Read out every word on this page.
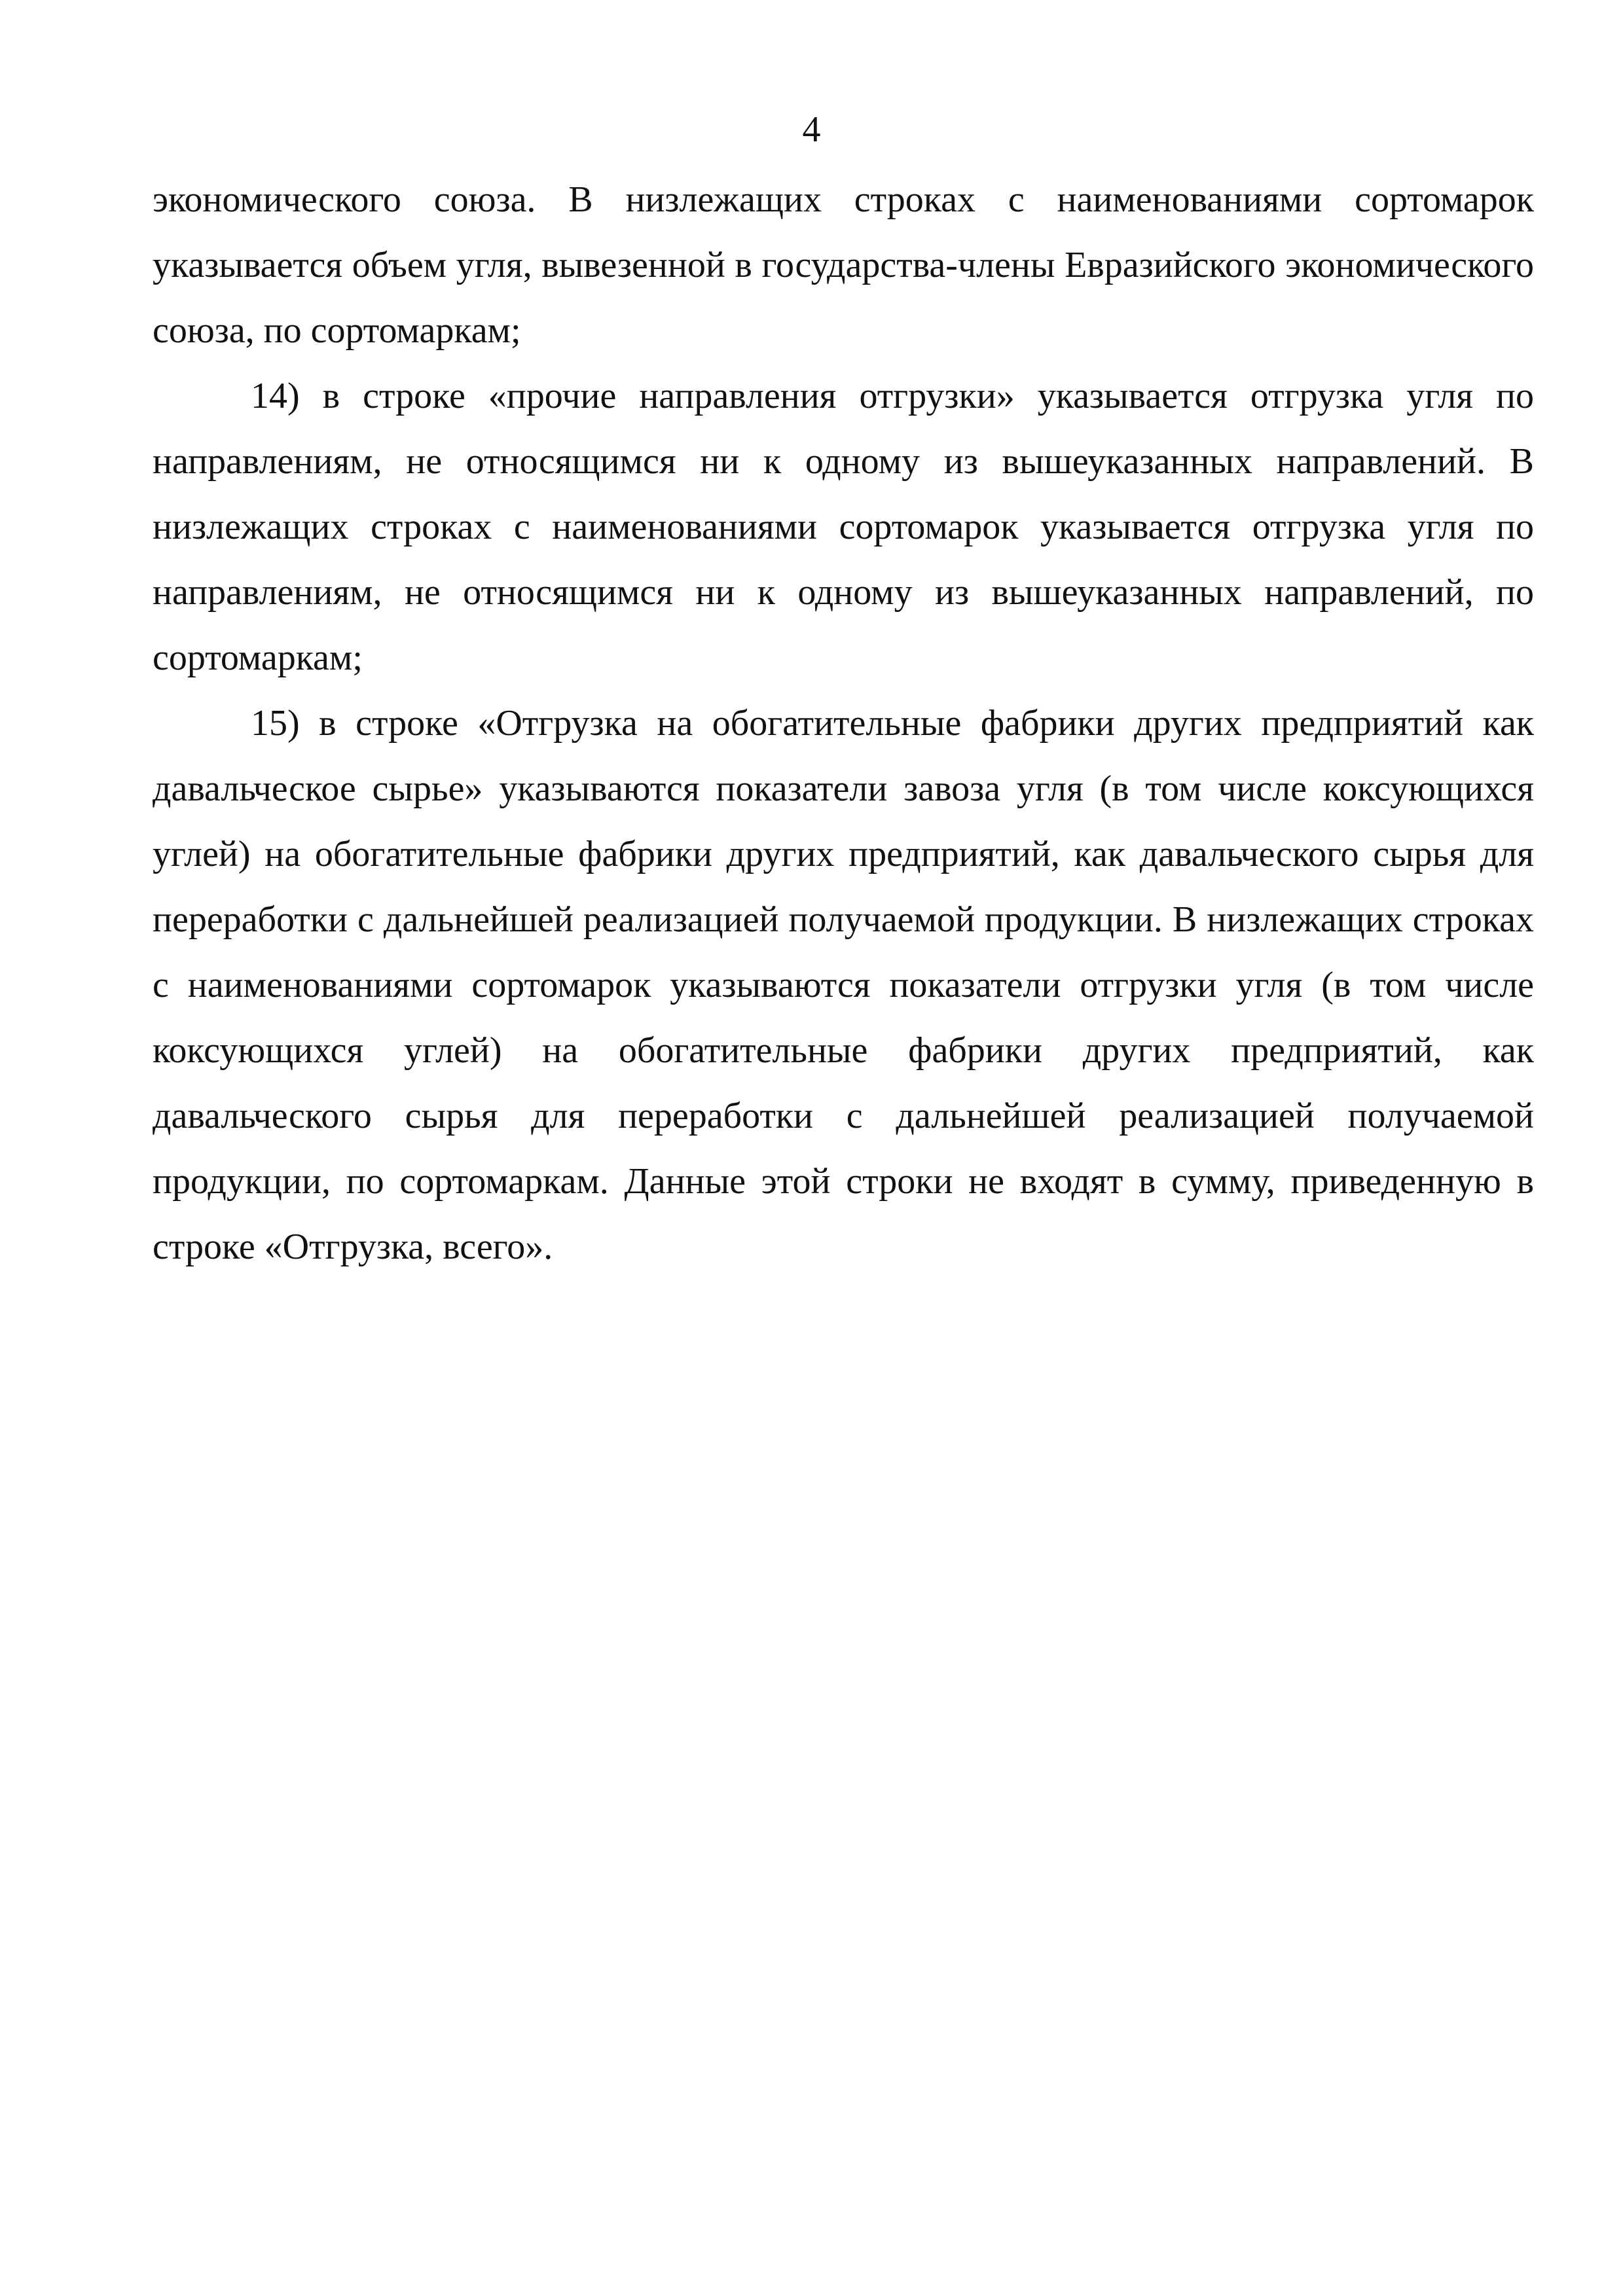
4

экономического союза. В низлежащих строках с наименованиями сортомарок указывается объем угля, вывезенной в государства-члены Евразийского экономического союза, по сортомаркам;

14) в строке «прочие направления отгрузки» указывается отгрузка угля по направлениям, не относящимся ни к одному из вышеуказанных направлений. В низлежащих строках с наименованиями сортомарок указывается отгрузка угля по направлениям, не относящимся ни к одному из вышеуказанных направлений, по сортомаркам;

15) в строке «Отгрузка на обогатительные фабрики других предприятий как давальческое сырье» указываются показатели завоза угля (в том числе коксующихся углей) на обогатительные фабрики других предприятий, как давальческого сырья для переработки с дальнейшей реализацией получаемой продукции. В низлежащих строках с наименованиями сортомарок указываются показатели отгрузки угля (в том числе коксующихся углей) на обогатительные фабрики других предприятий, как давальческого сырья для переработки с дальнейшей реализацией получаемой продукции, по сортомаркам. Данные этой строки не входят в сумму, приведенную в строке «Отгрузка, всего».
